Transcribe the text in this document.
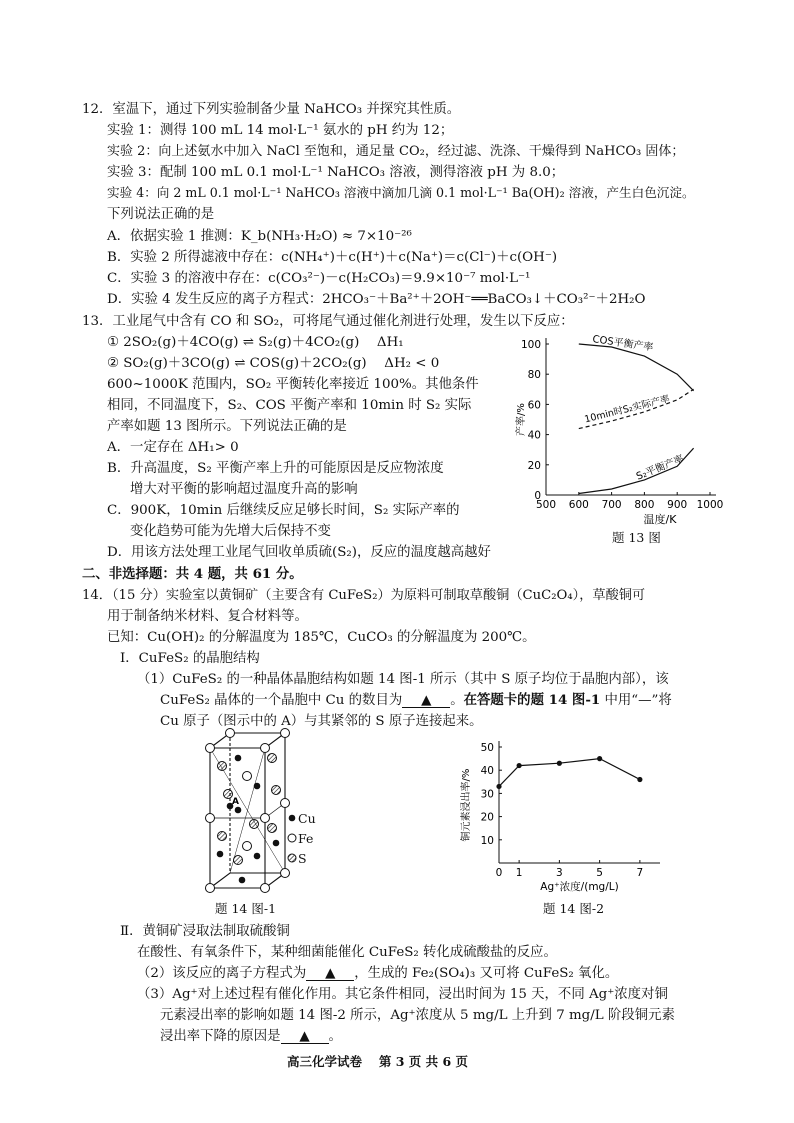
12．室温下，通过下列实验制备少量 NaHCO₃ 并探究其性质。
实验 1：测得 100 mL 14 mol·L⁻¹ 氨水的 pH 约为 12；
实验 2：向上述氨水中加入 NaCl 至饱和，通足量 CO₂，经过滤、洗涤、干燥得到 NaHCO₃ 固体；
实验 3：配制 100 mL 0.1 mol·L⁻¹ NaHCO₃ 溶液，测得溶液 pH 为 8.0；
实验 4：向 2 mL 0.1 mol·L⁻¹ NaHCO₃ 溶液中滴加几滴 0.1 mol·L⁻¹ Ba(OH)₂ 溶液，产生白色沉淀。
下列说法正确的是
A．依据实验 1 推测：K_b(NH₃·H₂O) ≈ 7×10⁻²⁶
B．实验 2 所得滤液中存在：c(NH₄⁺)＋c(H⁺)＋c(Na⁺)＝c(Cl⁻)＋c(OH⁻)
C．实验 3 的溶液中存在：c(CO₃²⁻)－c(H₂CO₃)＝9.9×10⁻⁷ mol·L⁻¹
D．实验 4 发生反应的离子方程式：2HCO₃⁻＋Ba²⁺＋2OH⁻══BaCO₃↓＋CO₃²⁻＋2H₂O
13．工业尾气中含有 CO 和 SO₂，可将尾气通过催化剂进行处理，发生以下反应：
① 2SO₂(g)＋4CO(g) ⇌ S₂(g)＋4CO₂(g)　 ΔH₁
② SO₂(g)＋3CO(g) ⇌ COS(g)＋2CO₂(g)　 ΔH₂ < 0
600~1000K 范围内，SO₂ 平衡转化率接近 100%。其他条件
相同，不同温度下，S₂、COS 平衡产率和 10min 时 S₂ 实际
产率如题 13 图所示。下列说法正确的是
A．一定存在 ΔH₁> 0
B．升高温度，S₂ 平衡产率上升的可能原因是反应物浓度
增大对平衡的影响超过温度升高的影响
C．900K，10min 后继续反应足够长时间，S₂ 实际产率的
变化趋势可能为先增大后保持不变
D．用该方法处理工业尾气回收单质硫(S₂)，反应的温度越高越好
500 600 700 800 900 1000
0
20
40
60
80
100
温度/K
产率/%
COS平衡产率
10min时S₂实际产率
S₂平衡产率
题 13 图
二、非选择题：共 4 题，共 61 分。
14．（15 分）实验室以黄铜矿（主要含有 CuFeS₂）为原料可制取草酸铜（CuC₂O₄），草酸铜可
用于制备纳米材料、复合材料等。
已知：Cu(OH)₂ 的分解温度为 185℃，CuCO₃ 的分解温度为 200℃。
Ⅰ．CuFeS₂ 的晶胞结构
（1）CuFeS₂ 的一种晶体晶胞结构如题 14 图-1 所示（其中 S 原子均位于晶胞内部），该
CuFeS₂ 晶体的一个晶胞中 Cu 的数目为 ▲ 。在答题卡的题 14 图-1 中用“—”将
Cu 原子（图示中的 A）与其紧邻的 S 原子连接起来。
A
Cu
Fe
S
题 14 图-1
0 1	3	5	7
10
20
30
40
50
Ag⁺浓度/(mg/L)
铜元素浸出率/%
题 14 图-2
Ⅱ．黄铜矿浸取法制取硫酸铜
在酸性、有氧条件下，某种细菌能催化 CuFeS₂ 转化成硫酸盐的反应。
（2）该反应的离子方程式为 ▲ ，生成的 Fe₂(SO₄)₃ 又可将 CuFeS₂ 氧化。
（3）Ag⁺对上述过程有催化作用。其它条件相同，浸出时间为 15 天，不同 Ag⁺浓度对铜
元素浸出率的影响如题 14 图-2 所示，Ag⁺浓度从 5 mg/L 上升到 7 mg/L 阶段铜元素
浸出率下降的原因是 ▲ 。
高三化学试卷　 第 3 页 共 6 页
